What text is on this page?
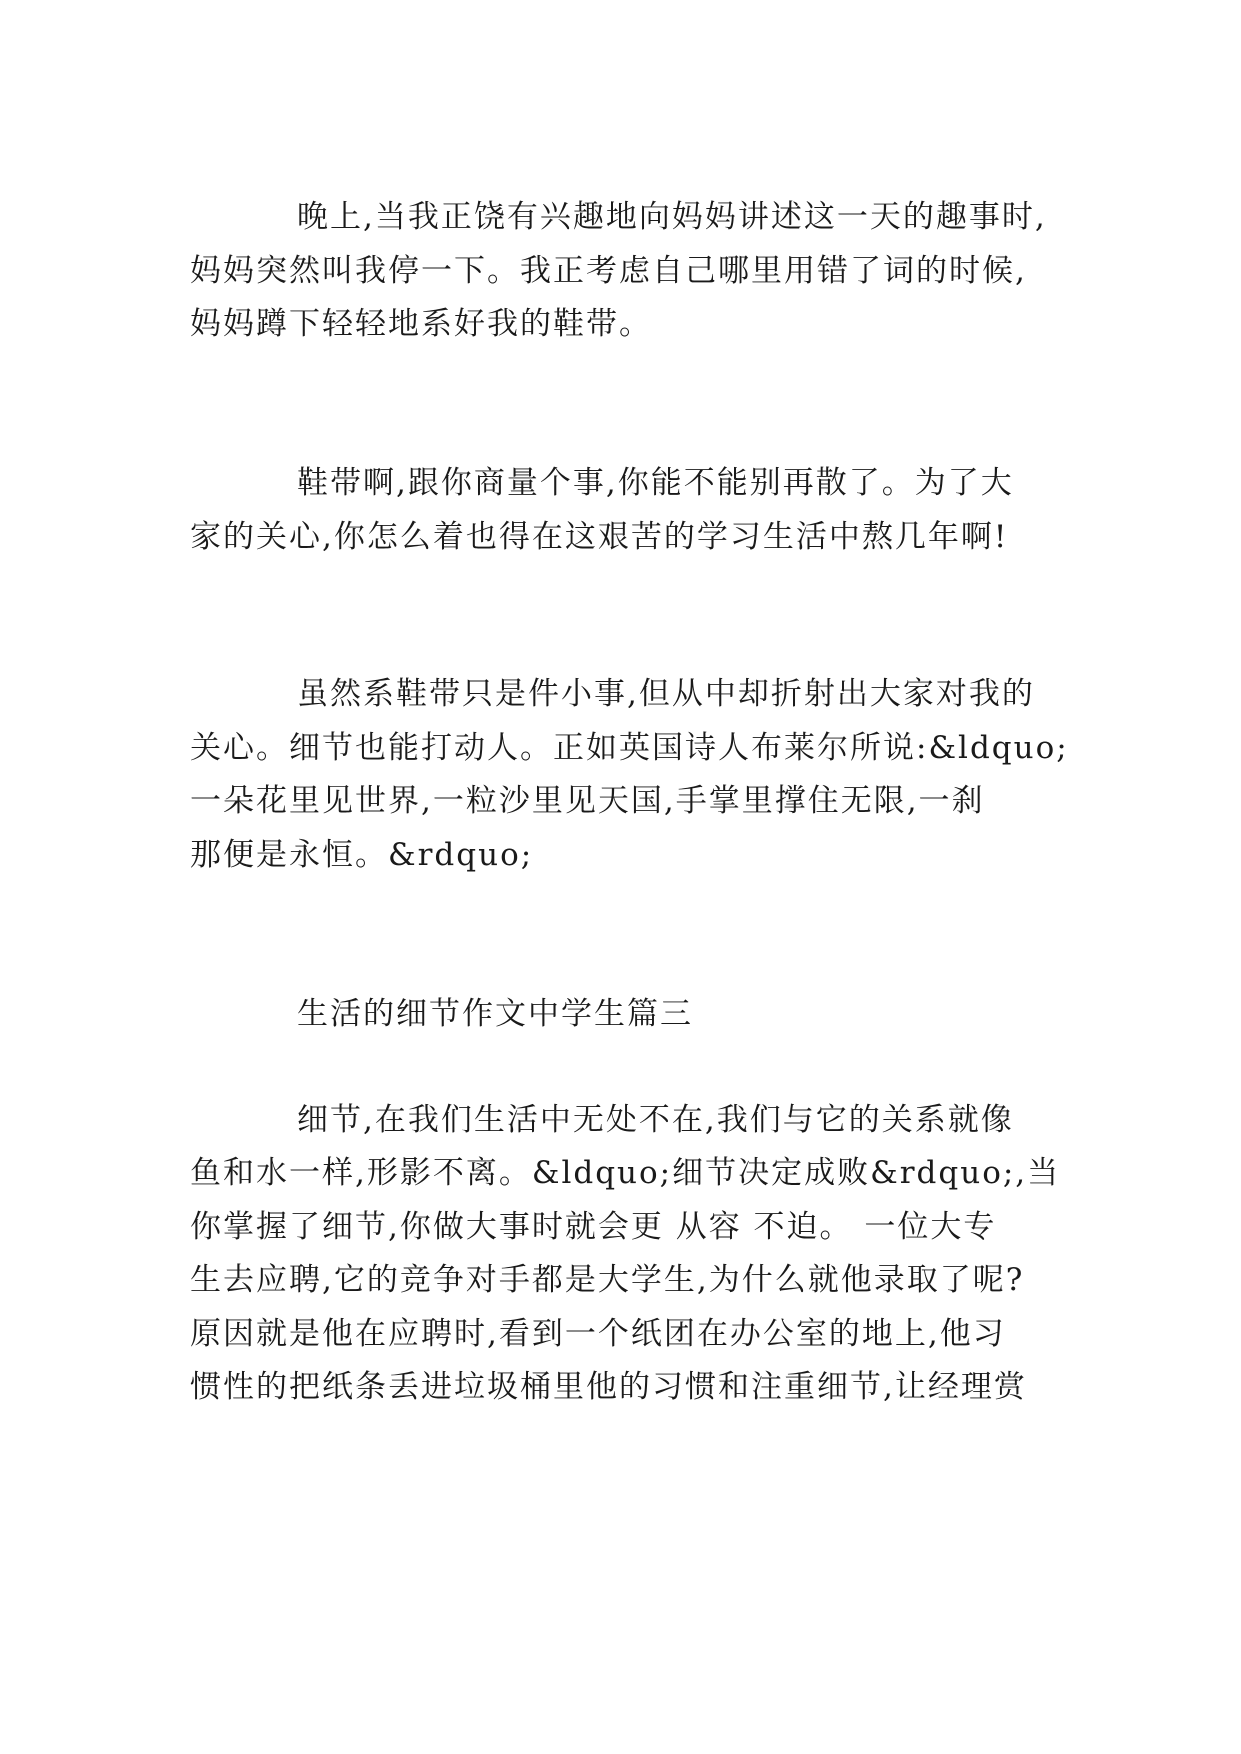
晚上,当我正饶有兴趣地向妈妈讲述这一天的趣事时,
妈妈突然叫我停一下。我正考虑自己哪里用错了词的时候,
妈妈蹲下轻轻地系好我的鞋带。
鞋带啊,跟你商量个事,你能不能别再散了。为了大
家的关心,你怎么着也得在这艰苦的学习生活中熬几年啊!
虽然系鞋带只是件小事,但从中却折射出大家对我的
关心。细节也能打动人。正如英国诗人布莱尔所说:&ldquo;
一朵花里见世界,一粒沙里见天国,手掌里撑住无限,一刹
那便是永恒。&rdquo;
生活的细节作文中学生篇三
细节,在我们生活中无处不在,我们与它的关系就像
鱼和水一样,形影不离。&ldquo;细节决定成败&rdquo;,当
你掌握了细节,你做大事时就会更 从容 不迫。 一位大专
生去应聘,它的竞争对手都是大学生,为什么就他录取了呢?
原因就是他在应聘时,看到一个纸团在办公室的地上,他习
惯性的把纸条丢进垃圾桶里他的习惯和注重细节,让经理赏
